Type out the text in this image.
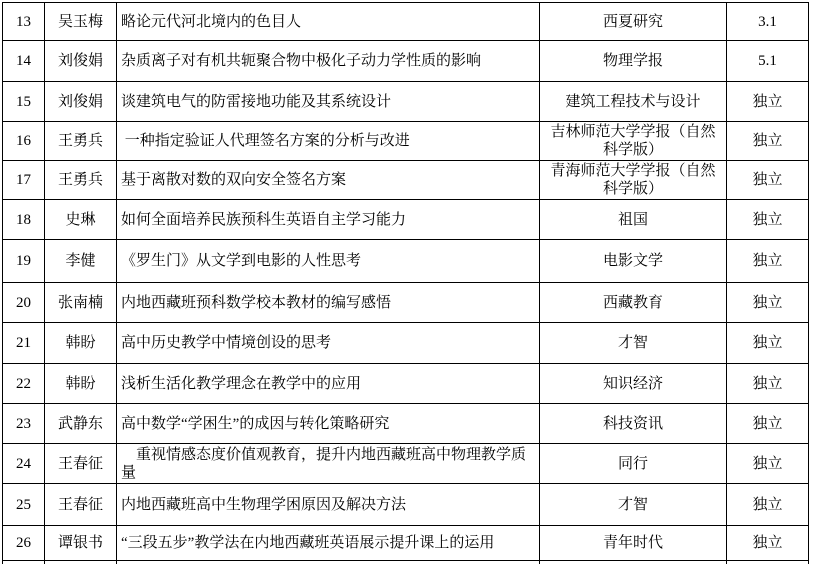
13	吴玉梅	略论元代河北境内的色目人	西夏研究	3.1
14	刘俊娟	杂质离子对有机共轭聚合物中极化子动力学性质的影响	物理学报	5.1
15	刘俊娟	谈建筑电气的防雷接地功能及其系统设计	建筑工程技术与设计	独立
16	王勇兵	一种指定验证人代理签名方案的分析与改进	吉林师范大学学报（自然科学版）	独立
17	王勇兵	基于离散对数的双向安全签名方案	青海师范大学学报（自然科学版）	独立
18	史琳	如何全面培养民族预科生英语自主学习能力	祖国	独立
19	李健	《罗生门》从文学到电影的人性思考	电影文学	独立
20	张南楠	内地西藏班预科数学校本教材的编写感悟	西藏教育	独立
21	韩盼	高中历史教学中情境创设的思考	才智	独立
22	韩盼	浅析生活化教学理念在教学中的应用	知识经济	独立
23	武静东	高中数学“学困生”的成因与转化策略研究	科技资讯	独立
24	王春征	　重视情感态度价值观教育，提升内地西藏班高中物理教学质量	同行	独立
25	王春征	内地西藏班高中生物理学困原因及解决方法	才智	独立
26	谭银书	“三段五步”教学法在内地西藏班英语展示提升课上的运用	青年时代	独立
